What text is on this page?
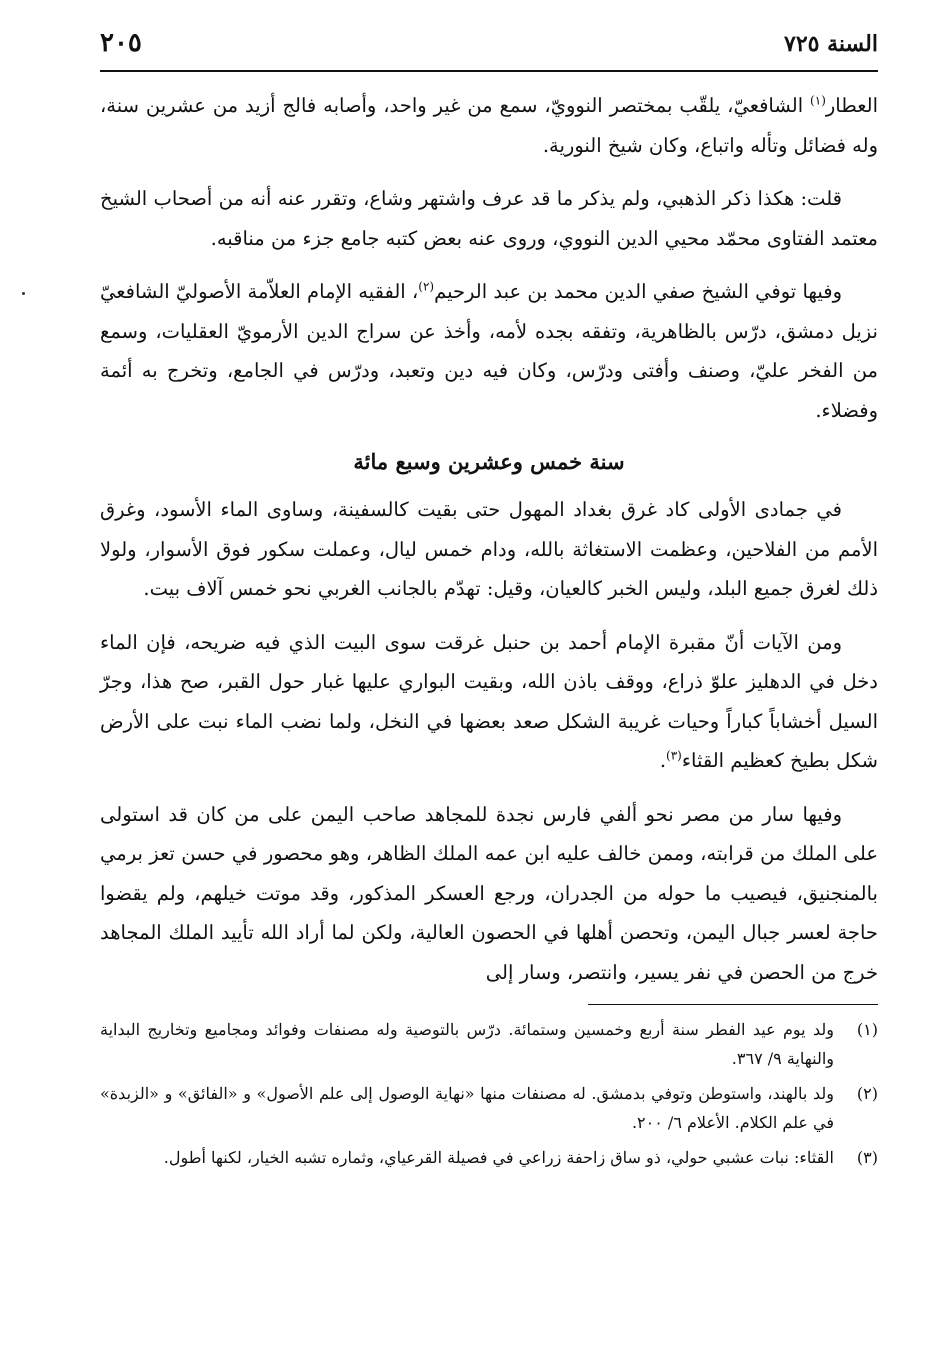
السنة ٧٢٥
٢٠٥

العطار$^{(١)}$ الشافعيّ، يلقّب بمختصر النوويّ، سمع من غير واحد، وأصابه فالج أزيد من عشرين سنة، وله فضائل وتأله واتباع، وكان شيخ النورية.

قلت: هكذا ذكر الذهبي، ولم يذكر ما قد عرف واشتهر وشاع، وتقرر عنه أنه من أصحاب الشيخ معتمد الفتاوى محمّد محيي الدين النووي، وروى عنه بعض كتبه جامع جزء من مناقبه.

وفيها توفي الشيخ صفي الدين محمد بن عبد الرحيم$^{(٢)}$، الفقيه الإمام العلاّمة الأصوليّ الشافعيّ نزيل دمشق، درّس بالظاهرية، وتفقه بجده لأمه، وأخذ عن سراج الدين الأرمويّ العقليات، وسمع من الفخر عليّ، وصنف وأفتى ودرّس، وكان فيه دين وتعبد، ودرّس في الجامع، وتخرج به أئمة وفضلاء.

سنة خمس وعشرين وسبع مائة

في جمادى الأولى كاد غرق بغداد المهول حتى بقيت كالسفينة، وساوى الماء الأسود، وغرق الأمم من الفلاحين، وعظمت الاستغاثة بالله، ودام خمس ليال، وعملت سكور فوق الأسوار، ولولا ذلك لغرق جميع البلد، وليس الخبر كالعيان، وقيل: تهدّم بالجانب الغربي نحو خمس آلاف بيت.

ومن الآيات أنّ مقبرة الإمام أحمد بن حنبل غرقت سوى البيت الذي فيه ضريحه، فإن الماء دخل في الدهليز علوّ ذراع، ووقف باذن الله، وبقيت البواري عليها غبار حول القبر، صح هذا، وجرّ السيل أخشاباً كباراً وحيات غريبة الشكل صعد بعضها في النخل، ولما نضب الماء نبت على الأرض شكل بطيخ كعظيم القثاء$^{(٣)}$.

وفيها سار من مصر نحو ألفي فارس نجدة للمجاهد صاحب اليمن على من كان قد استولى على الملك من قرابته، وممن خالف عليه ابن عمه الملك الظاهر، وهو محصور في حسن تعز برمي بالمنجنيق، فيصيب ما حوله من الجدران، ورجع العسكر المذكور، وقد موتت خيلهم، ولم يقضوا حاجة لعسر جبال اليمن، وتحصن أهلها في الحصون العالية، ولكن لما أراد الله تأييد الملك المجاهد خرج من الحصن في نفر يسير، وانتصر، وسار إلى

(١)
ولد يوم عيد الفطر سنة أربع وخمسين وستمائة. درّس بالتوصية وله مصنفات وفوائد ومجاميع وتخاريج البداية والنهاية ٩/ ٣٦٧.
(٢)
ولد بالهند، واستوطن وتوفي بدمشق. له مصنفات منها «نهاية الوصول إلى علم الأصول» و «الفائق» و «الزبدة» في علم الكلام. الأعلام ٦/ ٢٠٠.
(٣)
القثاء: نبات عشبي حولي، ذو ساق زاحفة زراعي في فصيلة القرعياي، وثماره تشبه الخيار، لكنها أطول.
